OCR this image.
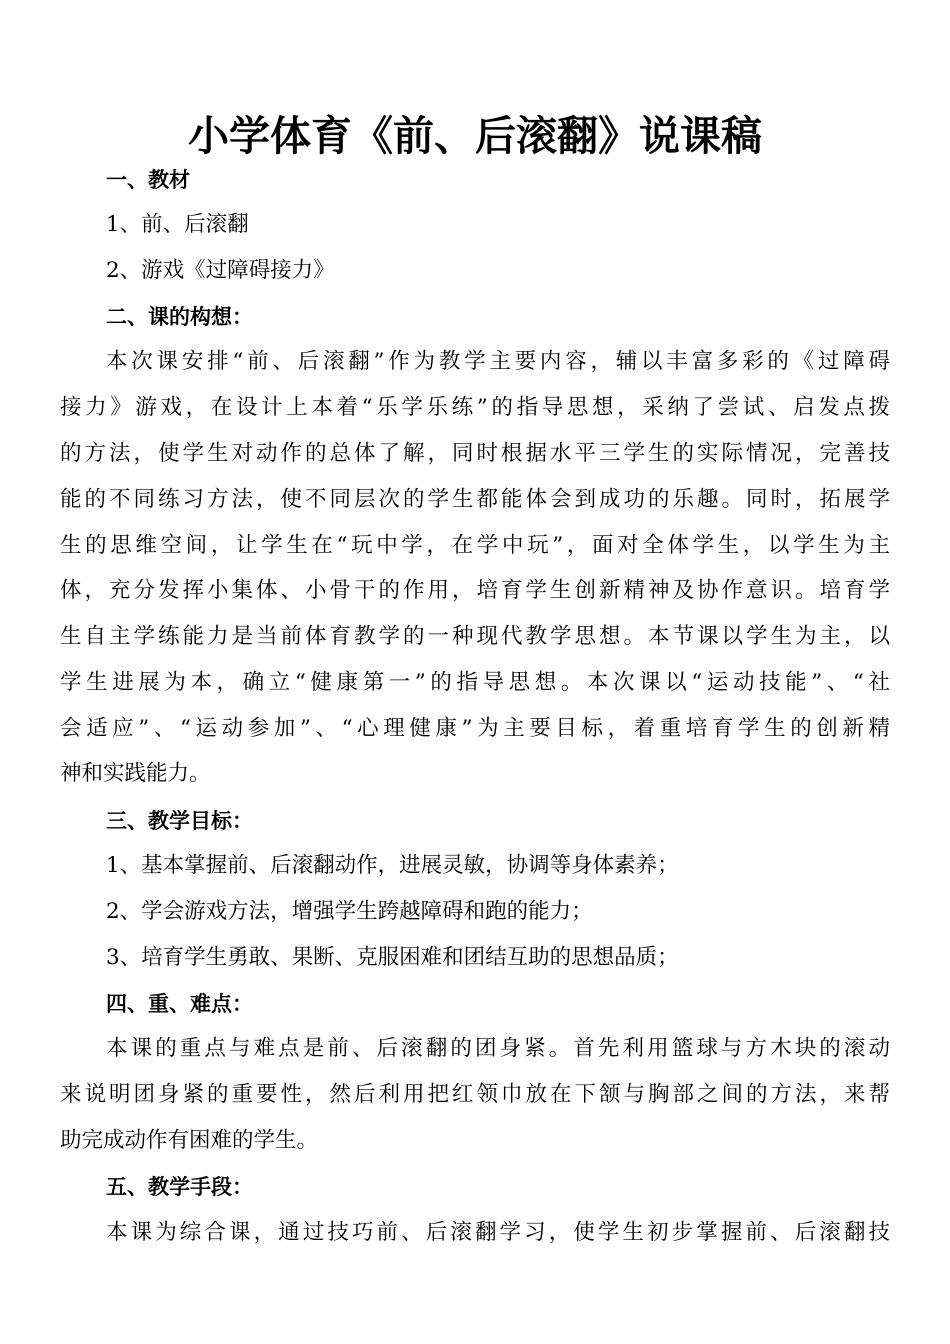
小学体育《前、后滚翻》说课稿
一、教材
1、前、后滚翻
2、游戏《过障碍接力》
二、课的构想：
本次课安排“前、后滚翻”作为教学主要内容，辅以丰富多彩的《过障碍
接力》游戏，在设计上本着“乐学乐练”的指导思想，采纳了尝试、启发点拨
的方法，使学生对动作的总体了解，同时根据水平三学生的实际情况，完善技
能的不同练习方法，使不同层次的学生都能体会到成功的乐趣。同时，拓展学
生的思维空间，让学生在“玩中学，在学中玩”，面对全体学生，以学生为主
体，充分发挥小集体、小骨干的作用，培育学生创新精神及协作意识。培育学
生自主学练能力是当前体育教学的一种现代教学思想。本节课以学生为主，以
学生进展为本，确立“健康第一”的指导思想。本次课以“运动技能”、“社
会适应”、“运动参加”、“心理健康”为主要目标，着重培育学生的创新精
神和实践能力。
三、教学目标：
1、基本掌握前、后滚翻动作，进展灵敏，协调等身体素养；
2、学会游戏方法，增强学生跨越障碍和跑的能力；
3、培育学生勇敢、果断、克服困难和团结互助的思想品质；
四、重、难点：
本课的重点与难点是前、后滚翻的团身紧。首先利用篮球与方木块的滚动
来说明团身紧的重要性，然后利用把红领巾放在下颔与胸部之间的方法，来帮
助完成动作有困难的学生。
五、教学手段：
本课为综合课，通过技巧前、后滚翻学习，使学生初步掌握前、后滚翻技
